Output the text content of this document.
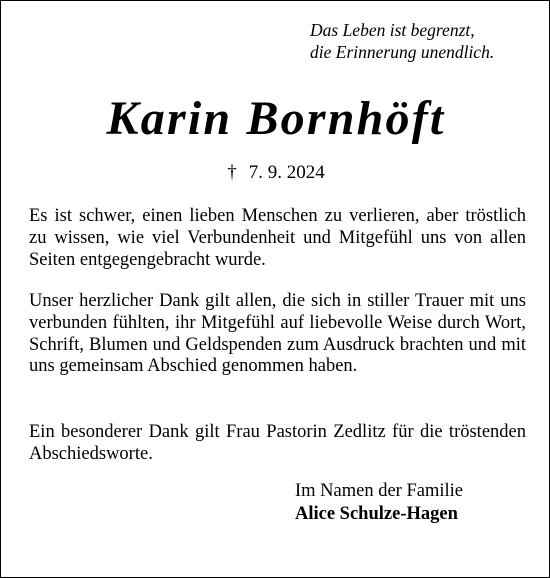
Das Leben ist begrenzt,
die Erinnerung unendlich.
Karin Bornhöft
† 7. 9. 2024
Es ist schwer, einen lieben Menschen zu verlieren, aber tröstlich zu wissen, wie viel Verbundenheit und Mitgefühl uns von allen Seiten entgegengebracht wurde.
Unser herzlicher Dank gilt allen, die sich in stiller Trauer mit uns verbunden fühlten, ihr Mitgefühl auf liebevolle Weise durch Wort, Schrift, Blumen und Geldspenden zum Ausdruck brachten und mit uns gemeinsam Abschied genommen haben.
Ein besonderer Dank gilt Frau Pastorin Zedlitz für die tröstenden Abschiedsworte.
Im Namen der Familie
Alice Schulze-Hagen
